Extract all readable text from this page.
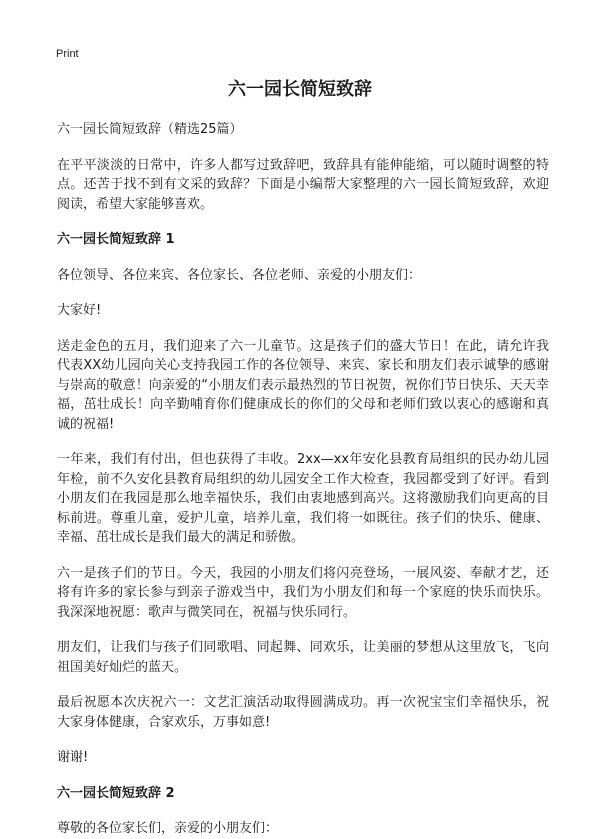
Print
六一园长简短致辞

六一园长简短致辞（精选25篇）

在平平淡淡的日常中，许多人都写过致辞吧，致辞具有能伸能缩，可以随时调整的特点。还苦于找不到有文采的致辞？下面是小编帮大家整理的六一园长简短致辞，欢迎阅读，希望大家能够喜欢。

六一园长简短致辞 1

各位领导、各位来宾、各位家长、各位老师、亲爱的小朋友们：

大家好!

送走金色的五月，我们迎来了六一儿童节。这是孩子们的盛大节日！在此，请允许我代表XX幼儿园向关心支持我园工作的各位领导、来宾、家长和朋友们表示诚挚的感谢与崇高的敬意！向亲爱的“小朋友们表示最热烈的节日祝贺，祝你们节日快乐、天天幸福，茁壮成长！向辛勤哺育你们健康成长的你们的父母和老师们致以衷心的感谢和真诚的祝福!

一年来，我们有付出，但也获得了丰收。2xx—xx年安化县教育局组织的民办幼儿园年检，前不久安化县教育局组织的幼儿园安全工作大检查，我园都受到了好评。看到小朋友们在我园是那么地幸福快乐，我们由衷地感到高兴。这将激励我们向更高的目标前进。尊重儿童，爱护儿童，培养儿童，我们将一如既往。孩子们的快乐、健康、幸福、茁壮成长是我们最大的满足和骄傲。

六一是孩子们的节日。今天，我园的小朋友们将闪亮登场，一展风姿、奉献才艺，还将有许多的家长参与到亲子游戏当中，我们为小朋友们和每一个家庭的快乐而快乐。我深深地祝愿：歌声与微笑同在，祝福与快乐同行。

朋友们，让我们与孩子们同歌唱、同起舞、同欢乐，让美丽的梦想从这里放飞，飞向祖国美好灿烂的蓝天。

最后祝愿本次庆祝六一：文艺汇演活动取得圆满成功。再一次祝宝宝们幸福快乐，祝大家身体健康，合家欢乐，万事如意!

谢谢!

六一园长简短致辞 2

尊敬的各位家长们，亲爱的小朋友们：
